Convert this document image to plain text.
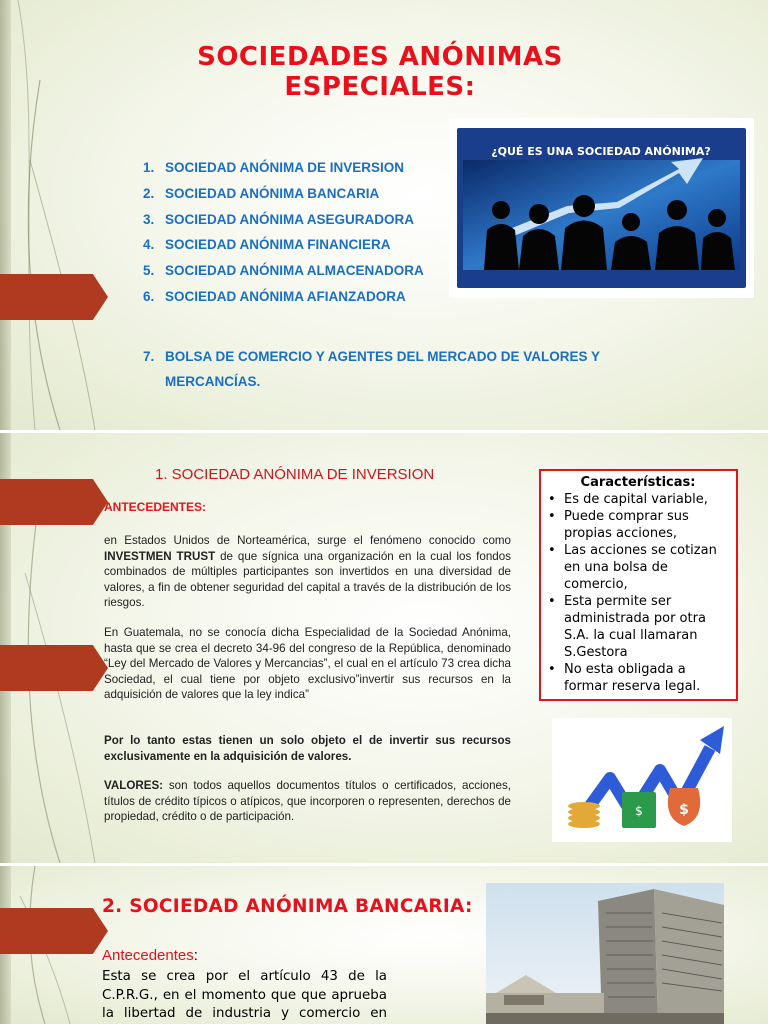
SOCIEDADES ANÓNIMAS
ESPECIALES:
1. SOCIEDAD ANÓNIMA DE INVERSION
2. SOCIEDAD ANÓNIMA BANCARIA
3. SOCIEDAD ANÓNIMA ASEGURADORA
4. SOCIEDAD ANÓNIMA FINANCIERA
5. SOCIEDAD ANÓNIMA ALMACENADORA
6. SOCIEDAD ANÓNIMA AFIANZADORA
7. BOLSA DE COMERCIO Y AGENTES DEL MERCADO DE VALORES Y MERCANCÍAS.
¿QUÉ ES UNA SOCIEDAD ANÓNIMA?
1. SOCIEDAD ANÓNIMA DE INVERSION
ANTECEDENTES:
en Estados Unidos de Norteamérica, surge el fenómeno conocido como INVESTMEN TRUST de que sígnica una organización en la cual los fondos combinados de múltiples participantes son invertidos en una diversidad de valores, a fin de obtener seguridad del capital a través de la distribución de los riesgos.
En Guatemala, no se conocía dicha Especialidad de la Sociedad Anónima, hasta que se crea el decreto 34-96 del congreso de la República, denominado “Ley del Mercado de Valores y Mercancias”, el cual en el artículo 73 crea dicha Sociedad, el cual tiene por objeto exclusivo”invertir sus recursos en la adquisición de valores que la ley indica”
Por lo tanto estas tienen un solo objeto el de invertir sus recursos exclusivamente en la adquisición de valores.
VALORES: son todos aquellos documentos títulos o certificados, acciones, títulos de crédito típicos o atípicos, que incorporen o representen, derechos de propiedad, crédito o de participación.
Características:
• Es de capital variable,
• Puede comprar sus propias acciones,
• Las acciones se cotizan en una bolsa de comercio,
• Esta permite ser administrada por otra S.A. la cual llamaran S.Gestora
• No esta obligada a formar reserva legal.
$	$
2. SOCIEDAD ANÓNIMA BANCARIA:
Antecedentes:
Esta se crea por el artículo 43 de la C.P.R.G., en el momento que que aprueba la libertad de industria y comercio en
